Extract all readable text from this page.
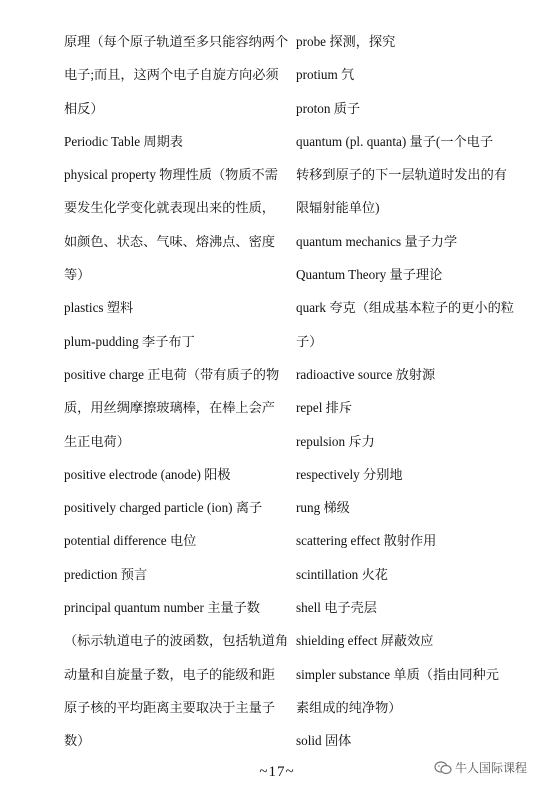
原理（每个原子轨道至多只能容纳两个
电子;而且，这两个电子自旋方向必须
相反）
Periodic Table 周期表
physical property 物理性质（物质不需
要发生化学变化就表现出来的性质，
如颜色、状态、气味、熔沸点、密度
等）
plastics 塑料
plum-pudding 李子布丁
positive charge 正电荷（带有质子的物
质，用丝绸摩擦玻璃棒，在棒上会产
生正电荷）
positive electrode (anode) 阳极
positively charged particle (ion) 离子
potential difference 电位
prediction 预言
principal quantum number 主量子数
（标示轨道电子的波函数，包括轨道角
动量和自旋量子数，电子的能级和距
原子核的平均距离主要取决于主量子
数）
probe 探测，探究
protium 氕
proton 质子
quantum (pl. quanta) 量子(一个电子
转移到原子的下一层轨道时发出的有
限辐射能单位)
quantum mechanics 量子力学
Quantum Theory 量子理论
quark 夸克（组成基本粒子的更小的粒
子）
radioactive source 放射源
repel 排斥
repulsion 斥力
respectively 分别地
rung 梯级
scattering effect 散射作用
scintillation 火花
shell 电子壳层
shielding effect 屏蔽效应
simpler substance 单质（指由同种元
素组成的纯净物）
solid 固体
~17~	牛人国际课程
